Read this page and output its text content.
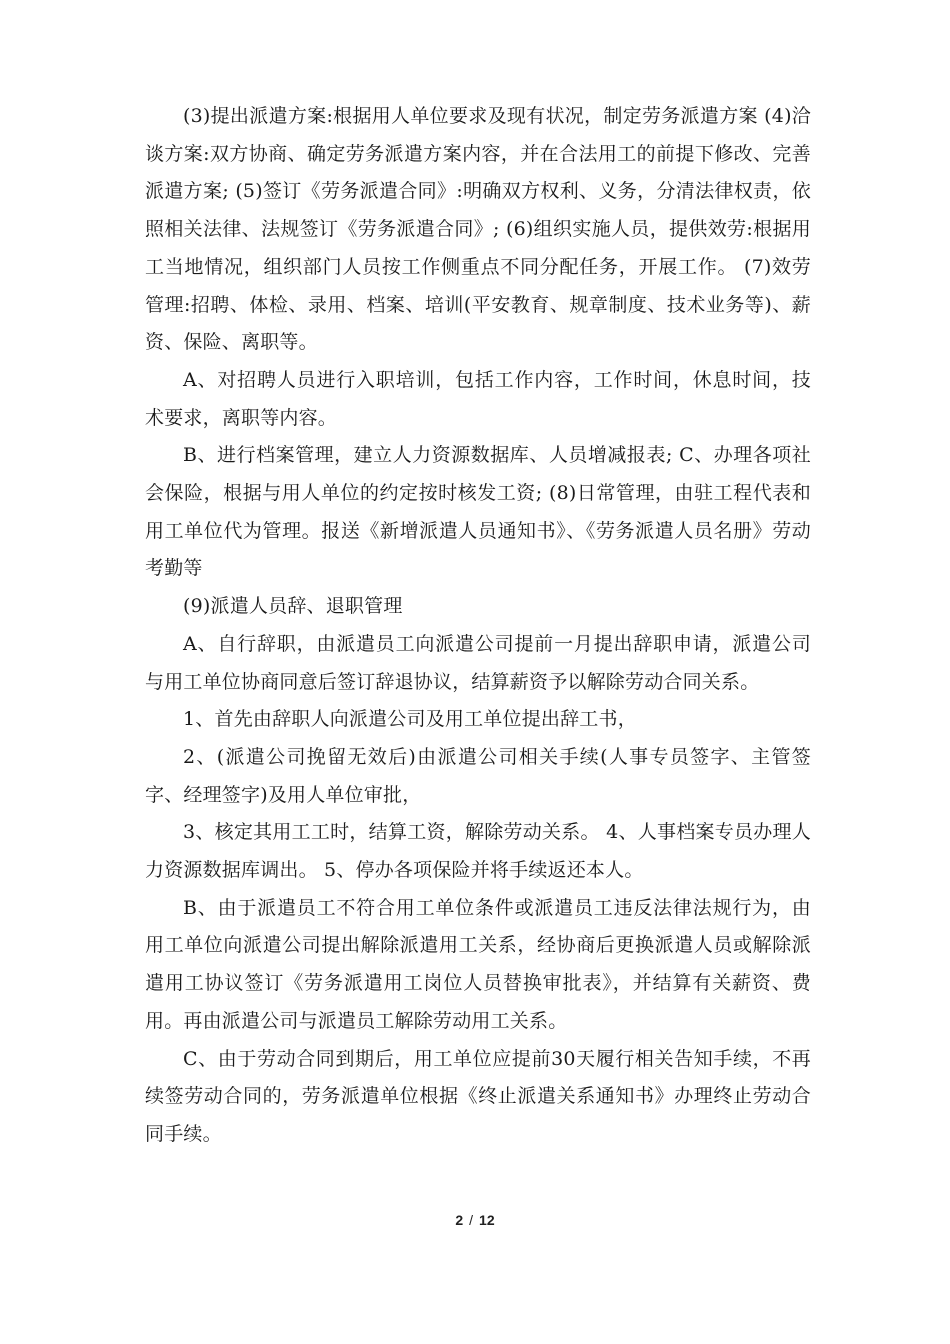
(3)提出派遣方案:根据用人单位要求及现有状况，制定劳务派遣方案 (4)洽谈方案:双方协商、确定劳务派遣方案内容，并在合法用工的前提下修改、完善派遣方案; (5)签订《劳务派遣合同》:明确双方权利、义务，分清法律权责，依照相关法律、法规签订《劳务派遣合同》; (6)组织实施人员，提供效劳:根据用工当地情况，组织部门人员按工作侧重点不同分配任务，开展工作。 (7)效劳管理:招聘、体检、录用、档案、培训(平安教育、规章制度、技术业务等)、薪资、保险、离职等。

A、对招聘人员进行入职培训，包括工作内容，工作时间，休息时间，技术要求，离职等内容。

B、进行档案管理，建立人力资源数据库、人员增减报表; C、办理各项社会保险，根据与用人单位的约定按时核发工资; (8)日常管理，由驻工程代表和用工单位代为管理。报送《新增派遣人员通知书》、《劳务派遣人员名册》劳动考勤等

(9)派遣人员辞、退职管理

A、自行辞职，由派遣员工向派遣公司提前一月提出辞职申请，派遣公司与用工单位协商同意后签订辞退协议，结算薪资予以解除劳动合同关系。

1、首先由辞职人向派遣公司及用工单位提出辞工书，

2、(派遣公司挽留无效后)由派遣公司相关手续(人事专员签字、主管签字、经理签字)及用人单位审批，

3、核定其用工工时，结算工资，解除劳动关系。 4、人事档案专员办理人力资源数据库调出。 5、停办各项保险并将手续返还本人。

B、由于派遣员工不符合用工单位条件或派遣员工违反法律法规行为，由用工单位向派遣公司提出解除派遣用工关系，经协商后更换派遣人员或解除派遣用工协议签订《劳务派遣用工岗位人员替换审批表》，并结算有关薪资、费用。再由派遣公司与派遣员工解除劳动用工关系。

C、由于劳动合同到期后，用工单位应提前30天履行相关告知手续，不再续签劳动合同的，劳务派遣单位根据《终止派遣关系通知书》办理终止劳动合同手续。

2 / 12
